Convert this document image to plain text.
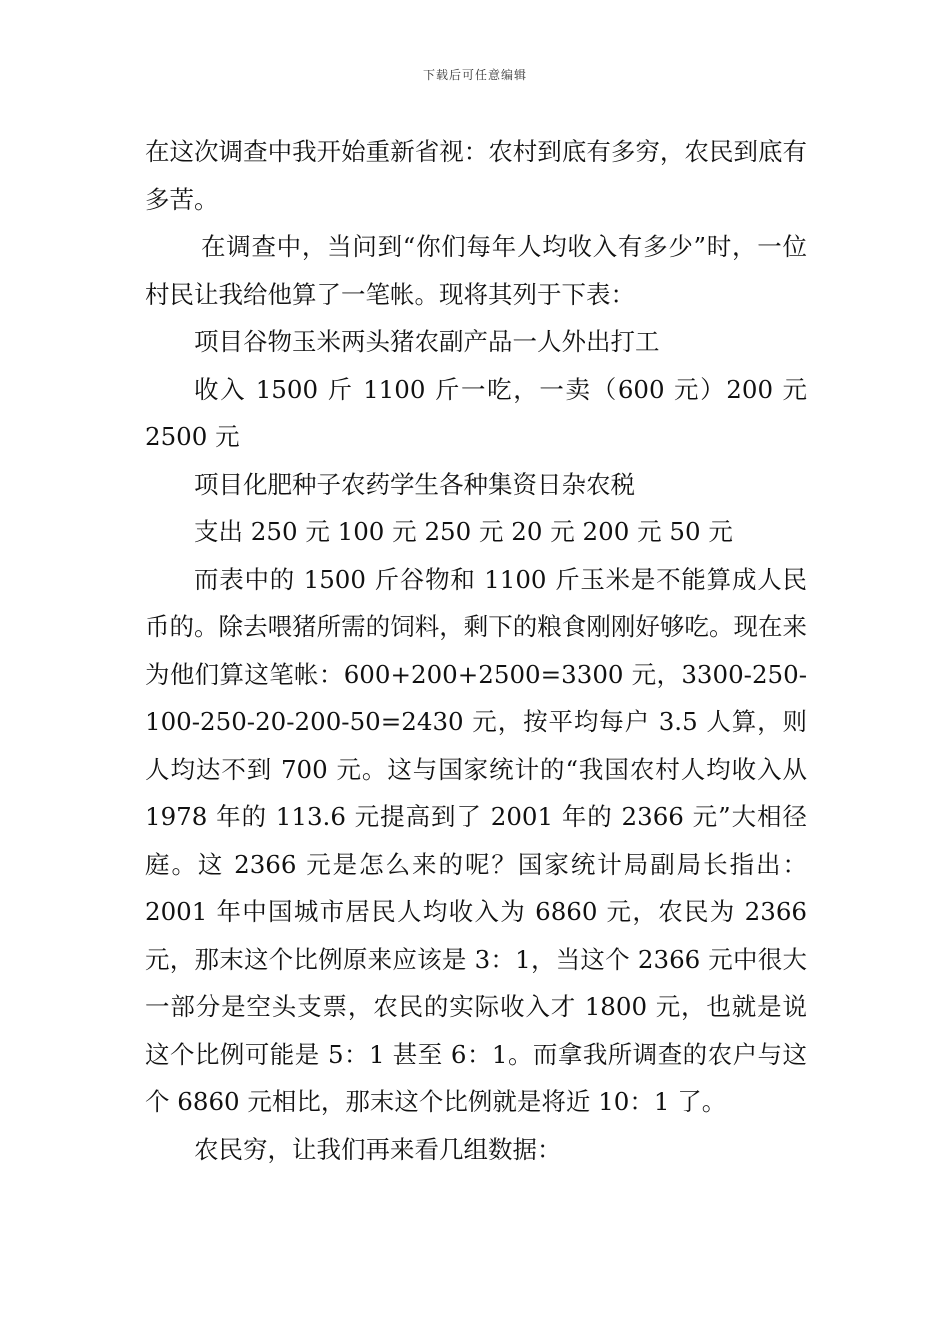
下载后可任意编辑

在这次调查中我开始重新省视：农村到底有多穷，农民到底有多苦。

在调查中，当问到“你们每年人均收入有多少”时，一位村民让我给他算了一笔帐。现将其列于下表：

项目谷物玉米两头猪农副产品一人外出打工

收入 1500 斤 1100 斤一吃，一卖（600 元）200 元 2500 元

项目化肥种子农药学生各种集资日杂农税

支出 250 元 100 元 250 元 20 元 200 元 50 元

而表中的 1500 斤谷物和 1100 斤玉米是不能算成人民币的。除去喂猪所需的饲料，剩下的粮食刚刚好够吃。现在来为他们算这笔帐：600+200+2500=3300 元，3300-250-100-250-20-200-50=2430 元，按平均每户 3.5 人算，则人均达不到 700 元。这与国家统计的“我国农村人均收入从 1978 年的 113.6 元提高到了 2001 年的 2366 元”大相径庭。这 2366 元是怎么来的呢？国家统计局副局长指出：2001 年中国城市居民人均收入为 6860 元，农民为 2366 元，那末这个比例原来应该是 3：1，当这个 2366 元中很大一部分是空头支票，农民的实际收入才 1800 元，也就是说这个比例可能是 5：1 甚至 6：1。而拿我所调查的农户与这个 6860 元相比，那末这个比例就是将近 10：1 了。

农民穷，让我们再来看几组数据：
